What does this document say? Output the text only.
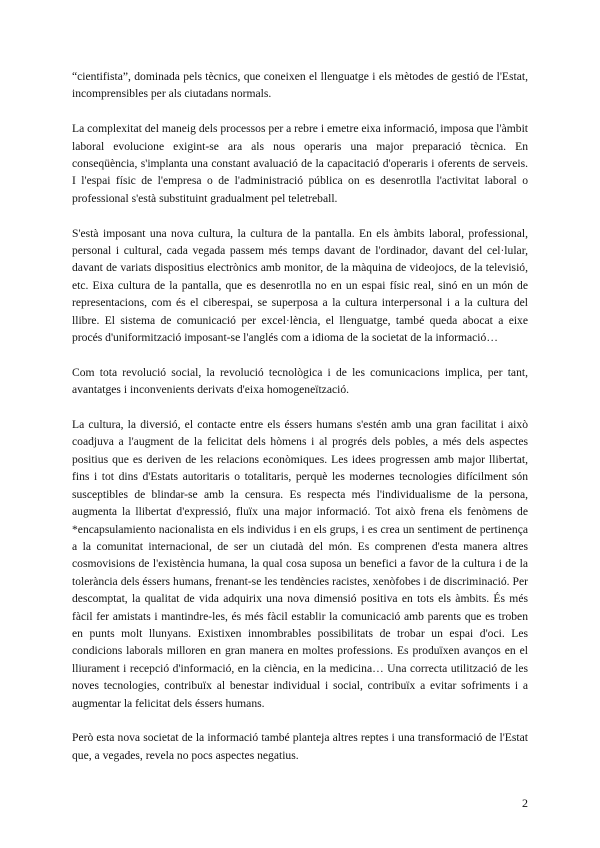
“cientifista”, dominada pels tècnics, que coneixen el llenguatge i els mètodes de gestió de l'Estat, incomprensibles per als ciutadans normals.

La complexitat del maneig dels processos per a rebre i emetre eixa informació, imposa que l'àmbit laboral evolucione exigint-se ara als nous operaris una major preparació tècnica. En conseqüència, s'implanta una constant avaluació de la capacitació d'operaris i oferents de serveis. I l'espai físic de l'empresa o de l'administració pública on es desenrotlla l'activitat laboral o professional s'està substituint gradualment pel teletreball.

S'està imposant una nova cultura, la cultura de la pantalla. En els àmbits laboral, professional, personal i cultural, cada vegada passem més temps davant de l'ordinador, davant del cel·lular, davant de variats dispositius electrònics amb monitor, de la màquina de videojocs, de la televisió, etc. Eixa cultura de la pantalla, que es desenrotlla no en un espai físic real, sinó en un món de representacions, com és el ciberespai, se superposa a la cultura interpersonal i a la cultura del llibre. El sistema de comunicació per excel·lència, el llenguatge, també queda abocat a eixe procés d'uniformització imposant-se l'anglés com a idioma de la societat de la informació…

Com tota revolució social, la revolució tecnològica i de les comunicacions implica, per tant, avantatges i inconvenients derivats d'eixa homogeneïtzació.

La cultura, la diversió, el contacte entre els éssers humans s'estén amb una gran facilitat i això coadjuva a l'augment de la felicitat dels hòmens i al progrés dels pobles, a més dels aspectes positius que es deriven de les relacions econòmiques. Les idees progressen amb major llibertat, fins i tot dins d'Estats autoritaris o totalitaris, perquè les modernes tecnologies difícilment són susceptibles de blindar-se amb la censura. Es respecta més l'individualisme de la persona, augmenta la llibertat d'expressió, fluïx una major informació. Tot això frena els fenòmens de *encapsulamiento nacionalista en els individus i en els grups, i es crea un sentiment de pertinença a la comunitat internacional, de ser un ciutadà del món. Es comprenen d'esta manera altres cosmovisions de l'existència humana, la qual cosa suposa un benefici a favor de la cultura i de la tolerància dels éssers humans, frenant-se les tendències racistes, xenòfobes i de discriminació. Per descomptat, la qualitat de vida adquirix una nova dimensió positiva en tots els àmbits. És més fàcil fer amistats i mantindre-les, és més fàcil establir la comunicació amb parents que es troben en punts molt llunyans. Existixen innombrables possibilitats de trobar un espai d'oci. Les condicions laborals milloren en gran manera en moltes professions. Es produïxen avanços en el lliurament i recepció d'informació, en la ciència, en la medicina… Una correcta utilització de les noves tecnologies, contribuïx al benestar individual i social, contribuïx a evitar sofriments i a augmentar la felicitat dels éssers humans.

Però esta nova societat de la informació també planteja altres reptes i una transformació de l'Estat que, a vegades, revela no pocs aspectes negatius.

2
